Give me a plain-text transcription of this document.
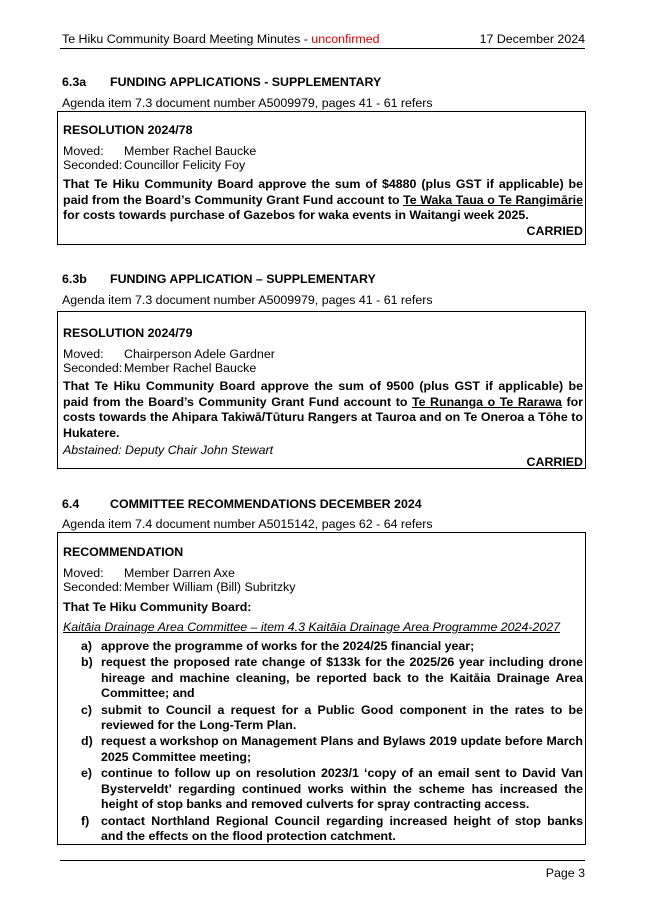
Te Hiku Community Board Meeting Minutes - unconfirmed	17 December 2024
6.3a FUNDING APPLICATIONS - SUPPLEMENTARY
Agenda item 7.3 document number A5009979, pages 41 - 61 refers
RESOLUTION 2024/78
Moved: Member Rachel Baucke
Seconded: Councillor Felicity Foy
That Te Hiku Community Board approve the sum of $4880 (plus GST if applicable) be paid from the Board’s Community Grant Fund account to Te Waka Taua o Te Rangimārie for costs towards purchase of Gazebos for waka events in Waitangi week 2025.
CARRIED
6.3b FUNDING APPLICATION – SUPPLEMENTARY
Agenda item 7.3 document number A5009979, pages 41 - 61 refers
RESOLUTION 2024/79
Moved: Chairperson Adele Gardner
Seconded: Member Rachel Baucke
That Te Hiku Community Board approve the sum of 9500 (plus GST if applicable) be paid from the Board’s Community Grant Fund account to Te Runanga o Te Rarawa for costs towards the Ahipara Takiwā/Tūturu Rangers at Tauroa and on Te Oneroa a Tōhe to Hukatere.
Abstained: Deputy Chair John Stewart
CARRIED
6.4 COMMITTEE RECOMMENDATIONS DECEMBER 2024
Agenda item 7.4 document number A5015142, pages 62 - 64 refers
RECOMMENDATION
Moved: Member Darren Axe
Seconded: Member William (Bill) Subritzky
That Te Hiku Community Board:
Kaitāia Drainage Area Committee – item 4.3 Kaitāia Drainage Area Programme 2024-2027
a) approve the programme of works for the 2024/25 financial year;
b) request the proposed rate change of $133k for the 2025/26 year including drone hireage and machine cleaning, be reported back to the Kaitāia Drainage Area Committee; and
c) submit to Council a request for a Public Good component in the rates to be reviewed for the Long-Term Plan.
d) request a workshop on Management Plans and Bylaws 2019 update before March 2025 Committee meeting;
e) continue to follow up on resolution 2023/1 ‘copy of an email sent to David Van Bysterveldt’ regarding continued works within the scheme has increased the height of stop banks and removed culverts for spray contracting access.
f) contact Northland Regional Council regarding increased height of stop banks and the effects on the flood protection catchment.
Page 3
